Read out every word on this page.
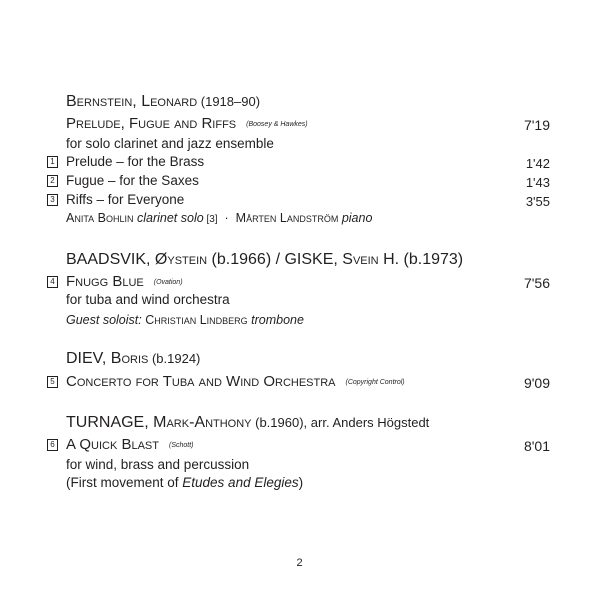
Bernstein, Leonard (1918–90)
Prelude, Fugue and Riffs (Boosey & Hawkes)	7'19
for solo clarinet and jazz ensemble
1 Prelude – for the Brass	1'42
2 Fugue – for the Saxes	1'43
3 Riffs – for Everyone	3'55
Anita Bohlin clarinet solo [3]  ·  Mårten Landström piano
BAADSVIK, Øystein (b.1966) / GISKE, Svein H. (b.1973)
4 Fnugg Blue (Ovation)	7'56
for tuba and wind orchestra
Guest soloist: Christian Lindberg trombone
DIEV, Boris (b.1924)
5 Concerto for Tuba and Wind Orchestra (Copyright Control)	9'09
TURNAGE, Mark-Anthony (b.1960), arr. Anders Högstedt
6 A Quick Blast (Schott)	8'01
for wind, brass and percussion
(First movement of Etudes and Elegies)
2
